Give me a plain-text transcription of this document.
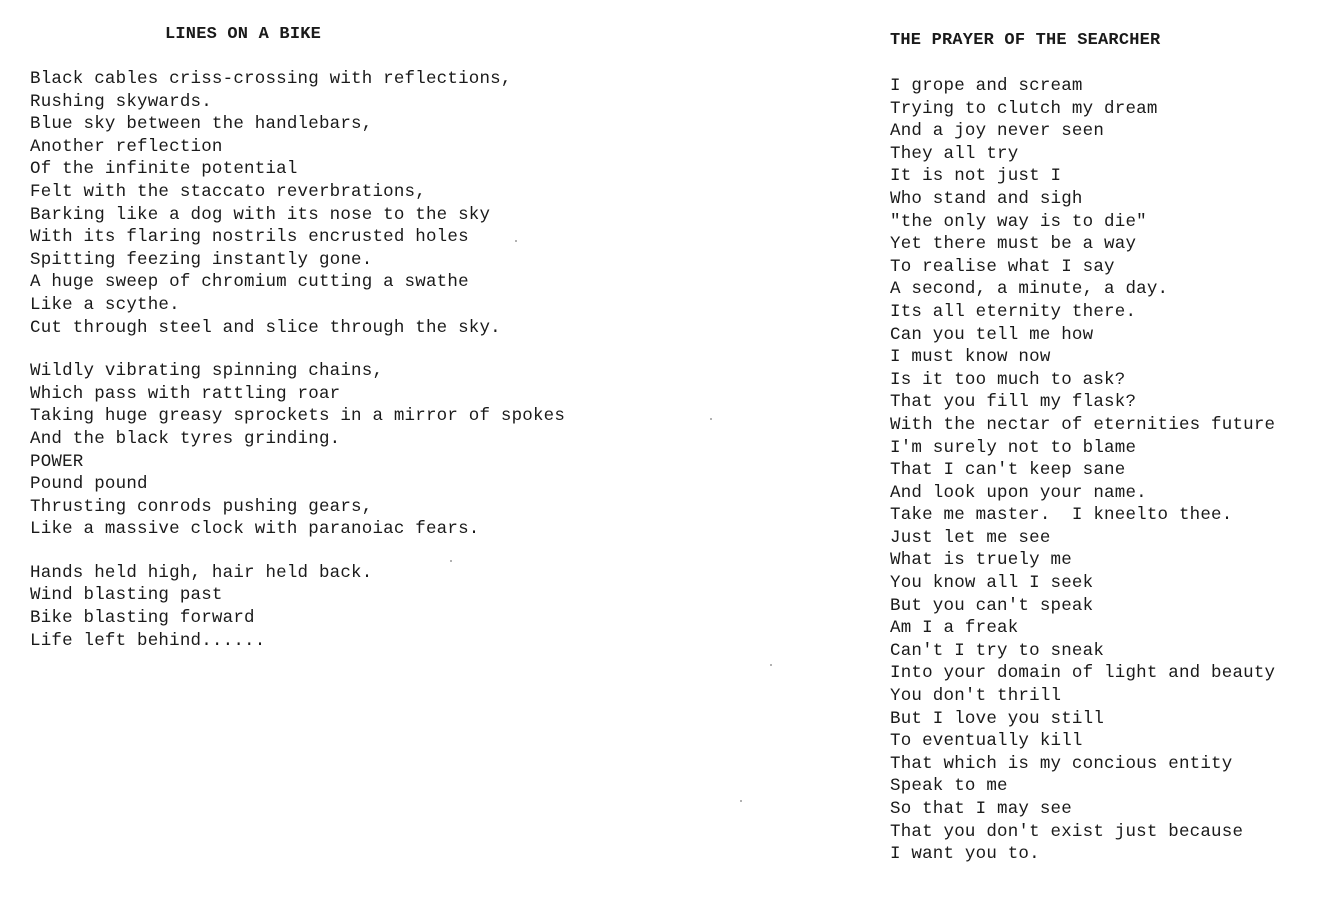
LINES ON A BIKE
Black cables criss-crossing with reflections,
Rushing skywards.
Blue sky between the handlebars,
Another reflection
Of the infinite potential
Felt with the staccato reverbrations,
Barking like a dog with its nose to the sky
With its flaring nostrils encrusted holes
Spitting feezing instantly gone.
A huge sweep of chromium cutting a swathe
Like a scythe.
Cut through steel and slice through the sky.
Wildly vibrating spinning chains,
Which pass with rattling roar
Taking huge greasy sprockets in a mirror of spokes
And the black tyres grinding.
POWER
Pound pound
Thrusting conrods pushing gears,
Like a massive clock with paranoiac fears.
Hands held high, hair held back.
Wind blasting past
Bike blasting forward
Life left behind......
THE PRAYER OF THE SEARCHER
I grope and scream
Trying to clutch my dream
And a joy never seen
They all try
It is not just I
Who stand and sigh
"the only way is to die"
Yet there must be a way
To realise what I say
A second, a minute, a day.
Its all eternity there.
Can you tell me how
I must know now
Is it too much to ask?
That you fill my flask?
With the nectar of eternities future
I'm surely not to blame
That I can't keep sane
And look upon your name.
Take me master.  I kneelto thee.
Just let me see
What is truely me
You know all I seek
But you can't speak
Am I a freak
Can't I try to sneak
Into your domain of light and beauty
You don't thrill
But I love you still
To eventually kill
That which is my concious entity
Speak to me
So that I may see
That you don't exist just because
I want you to.
